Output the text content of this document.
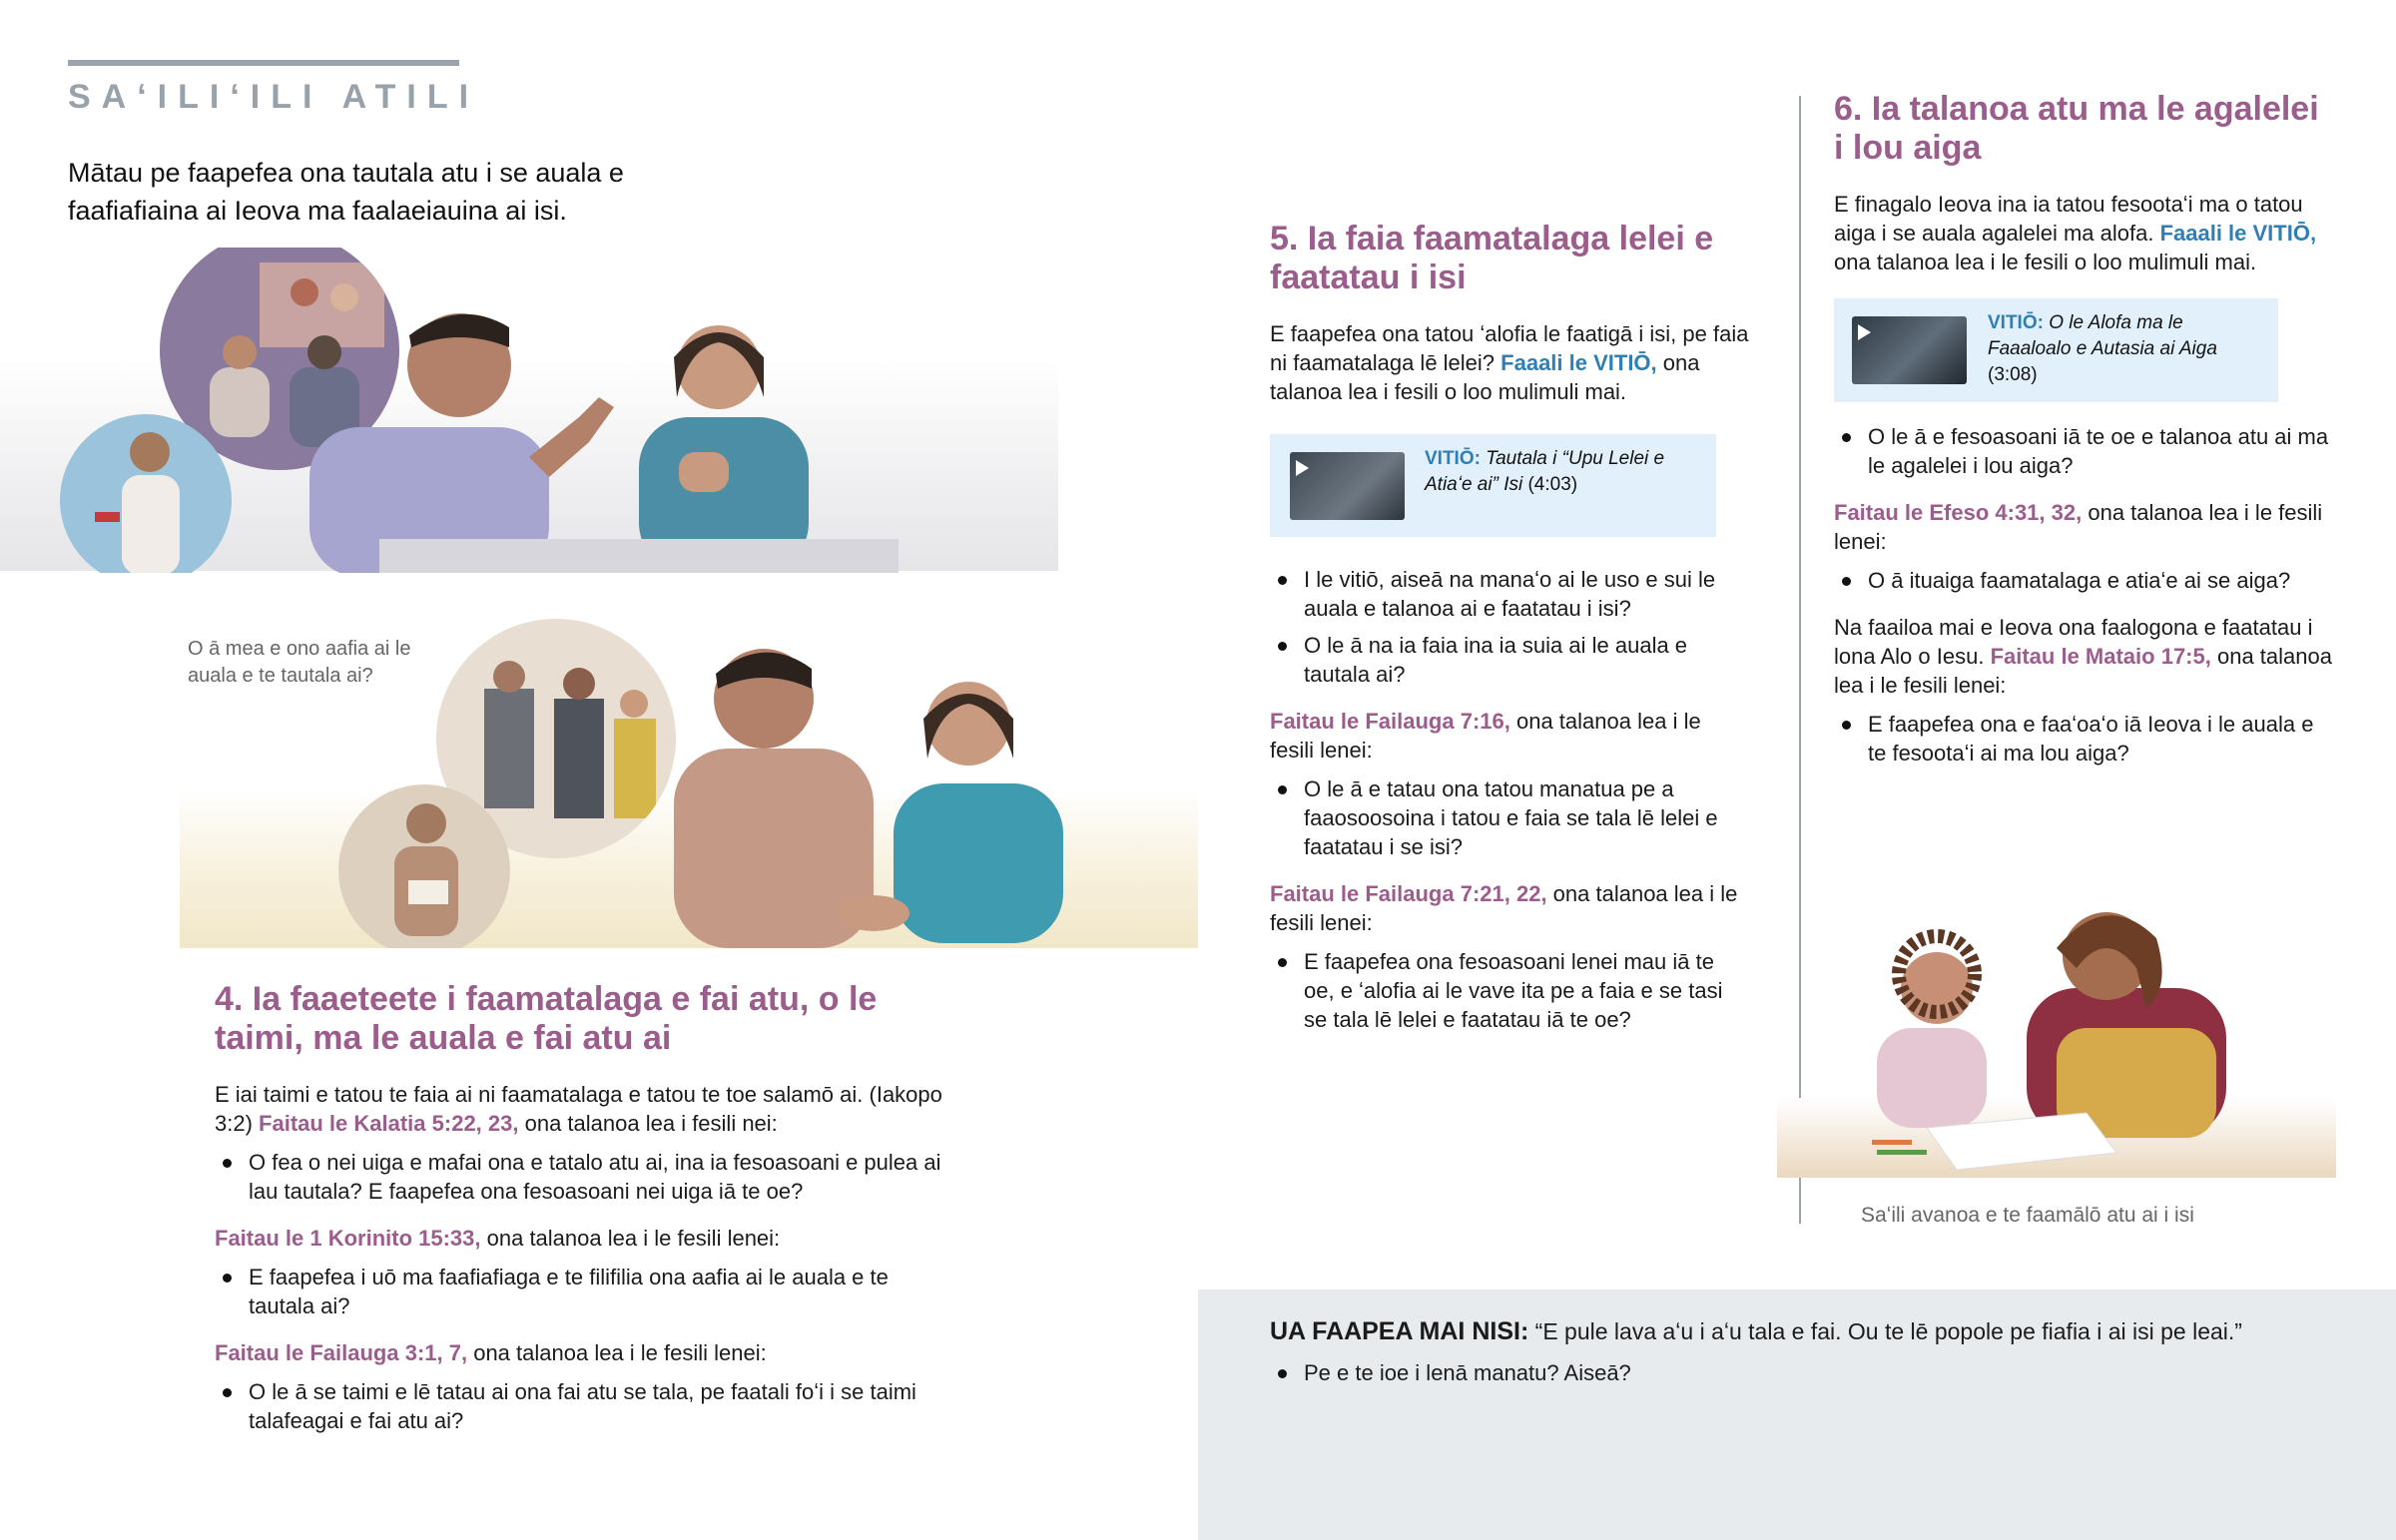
SAʻILIʻILI ATILI
Mātau pe faapefea ona tautala atu i se auala e faafiafiaina ai Ieova ma faalaeiauina ai isi.
O ā mea e ono aafia ai le auala e te tautala ai?
4. Ia faaeteete i faamatalaga e fai atu, o le taimi, ma le auala e fai atu ai
E iai taimi e tatou te faia ai ni faamatalaga e tatou te toe salamō ai. (Iakopo 3:2) Faitau le Kalatia 5:22, 23, ona talanoa lea i fesili nei:
O fea o nei uiga e mafai ona e tatalo atu ai, ina ia fesoasoani e pulea ai lau tautala? E faapefea ona fesoasoani nei uiga iā te oe?
Faitau le 1 Korinito 15:33, ona talanoa lea i le fesili lenei:
E faapefea i uō ma faafiafiaga e te filifilia ona aafia ai le auala e te tautala ai?
Faitau le Failauga 3:1, 7, ona talanoa lea i le fesili lenei:
O le ā se taimi e lē tatau ai ona fai atu se tala, pe faatali foʻi i se taimi talafeagai e fai atu ai?
5. Ia faia faamatalaga lelei e faatatau i isi
E faapefea ona tatou ʻalofia le faatigā i isi, pe faia ni faamatalaga lē lelei? Faaali le VITIŌ, ona talanoa lea i fesili o loo mulimuli mai.
VITIŌ: Tautala i “Upu Lelei e Atiaʻe ai” Isi (4:03)
I le vitiō, aiseā na manaʻo ai le uso e sui le auala e talanoa ai e faatatau i isi?
O le ā na ia faia ina ia suia ai le auala e tautala ai?
Faitau le Failauga 7:16, ona talanoa lea i le fesili lenei:
O le ā e tatau ona tatou manatua pe a faaosoosoina i tatou e faia se tala lē lelei e faatatau i se isi?
Faitau le Failauga 7:21, 22, ona talanoa lea i le fesili lenei:
E faapefea ona fesoasoani lenei mau iā te oe, e ʻalofia ai le vave ita pe a faia e se tasi se tala lē lelei e faatatau iā te oe?
6. Ia talanoa atu ma le agalelei i lou aiga
E finagalo Ieova ina ia tatou fesootaʻi ma o tatou aiga i se auala agalelei ma alofa. Faaali le VITIŌ, ona talanoa lea i le fesili o loo mulimuli mai.
VITIŌ: O le Alofa ma le Faaaloalo e Autasia ai Aiga (3:08)
O le ā e fesoasoani iā te oe e talanoa atu ai ma le agalelei i lou aiga?
Faitau le Efeso 4:31, 32, ona talanoa lea i le fesili lenei:
O ā ituaiga faamatalaga e atiaʻe ai se aiga?
Na faailoa mai e Ieova ona faalogona e faatatau i lona Alo o Iesu. Faitau le Mataio 17:5, ona talanoa lea i le fesili lenei:
E faapefea ona e faaʻoaʻo iā Ieova i le auala e te fesootaʻi ai ma lou aiga?
Saʻili avanoa e te faamālō atu ai i isi
UA FAAPEA MAI NISI: “E pule lava aʻu i aʻu tala e fai. Ou te lē popole pe fiafia i ai isi pe leai.”
Pe e te ioe i lenā manatu? Aiseā?
